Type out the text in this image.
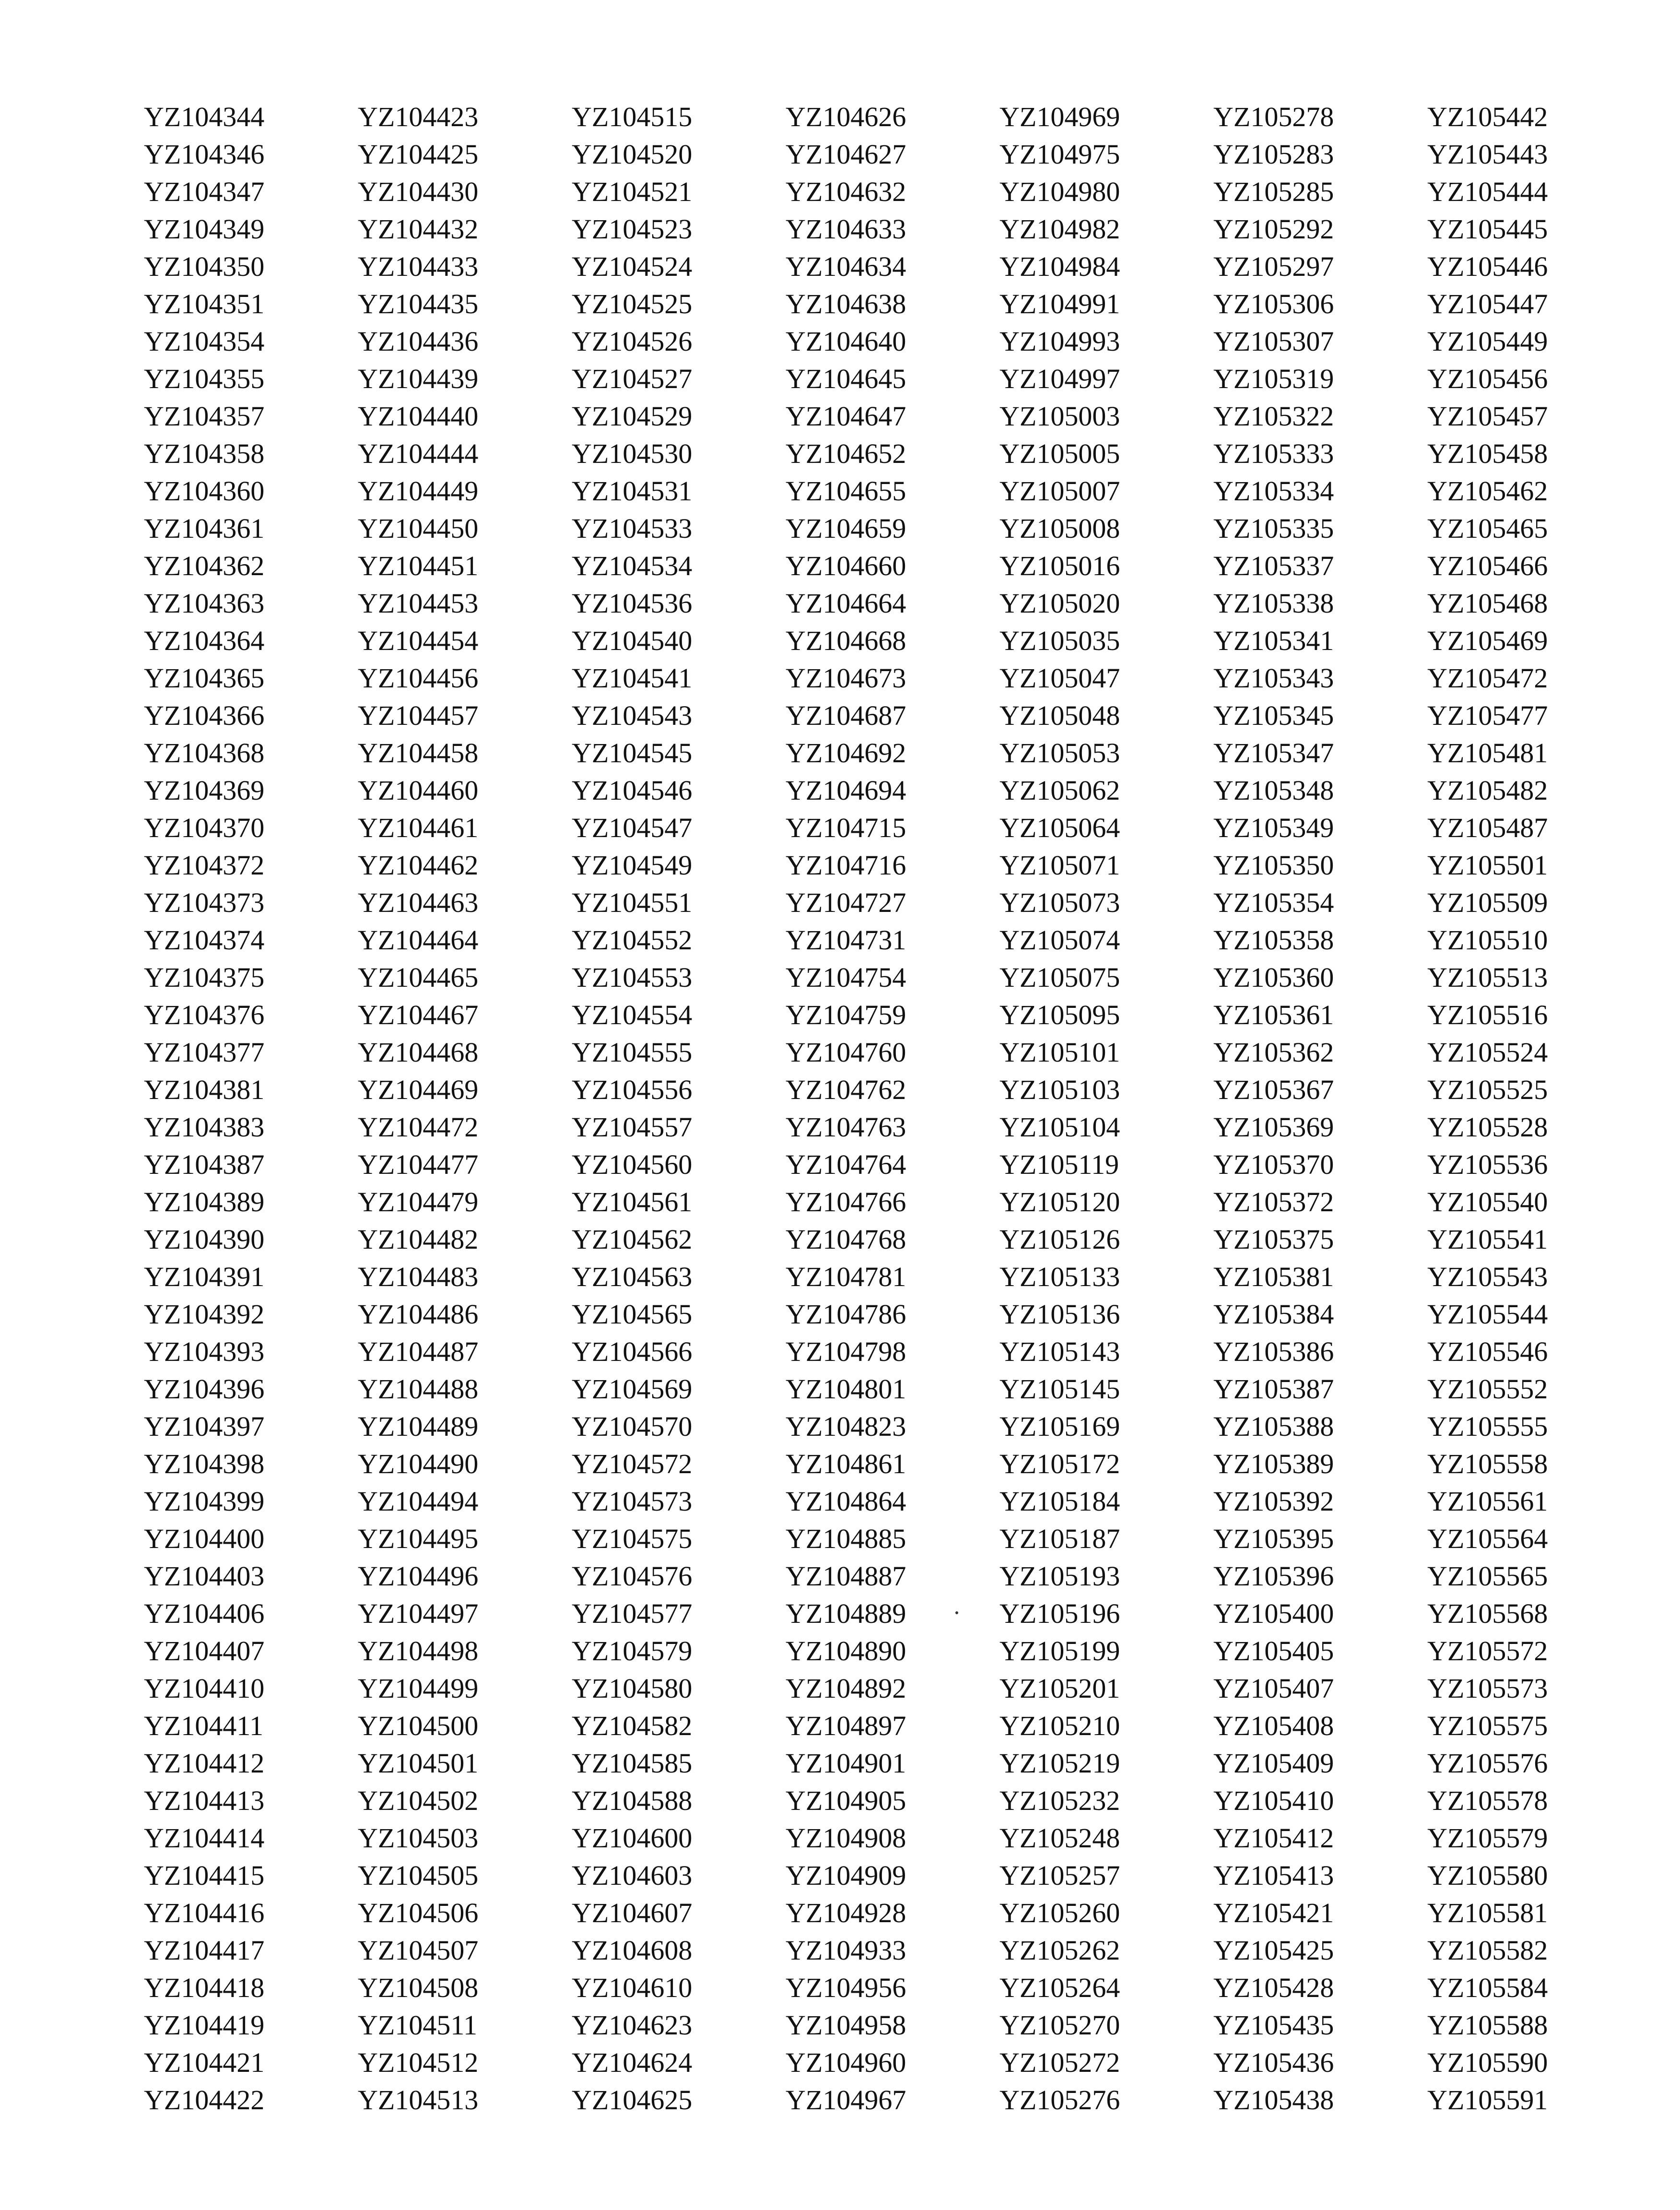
YZ104344
YZ104346
YZ104347
YZ104349
YZ104350
YZ104351
YZ104354
YZ104355
YZ104357
YZ104358
YZ104360
YZ104361
YZ104362
YZ104363
YZ104364
YZ104365
YZ104366
YZ104368
YZ104369
YZ104370
YZ104372
YZ104373
YZ104374
YZ104375
YZ104376
YZ104377
YZ104381
YZ104383
YZ104387
YZ104389
YZ104390
YZ104391
YZ104392
YZ104393
YZ104396
YZ104397
YZ104398
YZ104399
YZ104400
YZ104403
YZ104406
YZ104407
YZ104410
YZ104411
YZ104412
YZ104413
YZ104414
YZ104415
YZ104416
YZ104417
YZ104418
YZ104419
YZ104421
YZ104422
YZ104423
YZ104425
YZ104430
YZ104432
YZ104433
YZ104435
YZ104436
YZ104439
YZ104440
YZ104444
YZ104449
YZ104450
YZ104451
YZ104453
YZ104454
YZ104456
YZ104457
YZ104458
YZ104460
YZ104461
YZ104462
YZ104463
YZ104464
YZ104465
YZ104467
YZ104468
YZ104469
YZ104472
YZ104477
YZ104479
YZ104482
YZ104483
YZ104486
YZ104487
YZ104488
YZ104489
YZ104490
YZ104494
YZ104495
YZ104496
YZ104497
YZ104498
YZ104499
YZ104500
YZ104501
YZ104502
YZ104503
YZ104505
YZ104506
YZ104507
YZ104508
YZ104511
YZ104512
YZ104513
YZ104515
YZ104520
YZ104521
YZ104523
YZ104524
YZ104525
YZ104526
YZ104527
YZ104529
YZ104530
YZ104531
YZ104533
YZ104534
YZ104536
YZ104540
YZ104541
YZ104543
YZ104545
YZ104546
YZ104547
YZ104549
YZ104551
YZ104552
YZ104553
YZ104554
YZ104555
YZ104556
YZ104557
YZ104560
YZ104561
YZ104562
YZ104563
YZ104565
YZ104566
YZ104569
YZ104570
YZ104572
YZ104573
YZ104575
YZ104576
YZ104577
YZ104579
YZ104580
YZ104582
YZ104585
YZ104588
YZ104600
YZ104603
YZ104607
YZ104608
YZ104610
YZ104623
YZ104624
YZ104625
YZ104626
YZ104627
YZ104632
YZ104633
YZ104634
YZ104638
YZ104640
YZ104645
YZ104647
YZ104652
YZ104655
YZ104659
YZ104660
YZ104664
YZ104668
YZ104673
YZ104687
YZ104692
YZ104694
YZ104715
YZ104716
YZ104727
YZ104731
YZ104754
YZ104759
YZ104760
YZ104762
YZ104763
YZ104764
YZ104766
YZ104768
YZ104781
YZ104786
YZ104798
YZ104801
YZ104823
YZ104861
YZ104864
YZ104885
YZ104887
YZ104889
YZ104890
YZ104892
YZ104897
YZ104901
YZ104905
YZ104908
YZ104909
YZ104928
YZ104933
YZ104956
YZ104958
YZ104960
YZ104967
YZ104969
YZ104975
YZ104980
YZ104982
YZ104984
YZ104991
YZ104993
YZ104997
YZ105003
YZ105005
YZ105007
YZ105008
YZ105016
YZ105020
YZ105035
YZ105047
YZ105048
YZ105053
YZ105062
YZ105064
YZ105071
YZ105073
YZ105074
YZ105075
YZ105095
YZ105101
YZ105103
YZ105104
YZ105119
YZ105120
YZ105126
YZ105133
YZ105136
YZ105143
YZ105145
YZ105169
YZ105172
YZ105184
YZ105187
YZ105193
YZ105196
YZ105199
YZ105201
YZ105210
YZ105219
YZ105232
YZ105248
YZ105257
YZ105260
YZ105262
YZ105264
YZ105270
YZ105272
YZ105276
YZ105278
YZ105283
YZ105285
YZ105292
YZ105297
YZ105306
YZ105307
YZ105319
YZ105322
YZ105333
YZ105334
YZ105335
YZ105337
YZ105338
YZ105341
YZ105343
YZ105345
YZ105347
YZ105348
YZ105349
YZ105350
YZ105354
YZ105358
YZ105360
YZ105361
YZ105362
YZ105367
YZ105369
YZ105370
YZ105372
YZ105375
YZ105381
YZ105384
YZ105386
YZ105387
YZ105388
YZ105389
YZ105392
YZ105395
YZ105396
YZ105400
YZ105405
YZ105407
YZ105408
YZ105409
YZ105410
YZ105412
YZ105413
YZ105421
YZ105425
YZ105428
YZ105435
YZ105436
YZ105438
YZ105442
YZ105443
YZ105444
YZ105445
YZ105446
YZ105447
YZ105449
YZ105456
YZ105457
YZ105458
YZ105462
YZ105465
YZ105466
YZ105468
YZ105469
YZ105472
YZ105477
YZ105481
YZ105482
YZ105487
YZ105501
YZ105509
YZ105510
YZ105513
YZ105516
YZ105524
YZ105525
YZ105528
YZ105536
YZ105540
YZ105541
YZ105543
YZ105544
YZ105546
YZ105552
YZ105555
YZ105558
YZ105561
YZ105564
YZ105565
YZ105568
YZ105572
YZ105573
YZ105575
YZ105576
YZ105578
YZ105579
YZ105580
YZ105581
YZ105582
YZ105584
YZ105588
YZ105590
YZ105591
